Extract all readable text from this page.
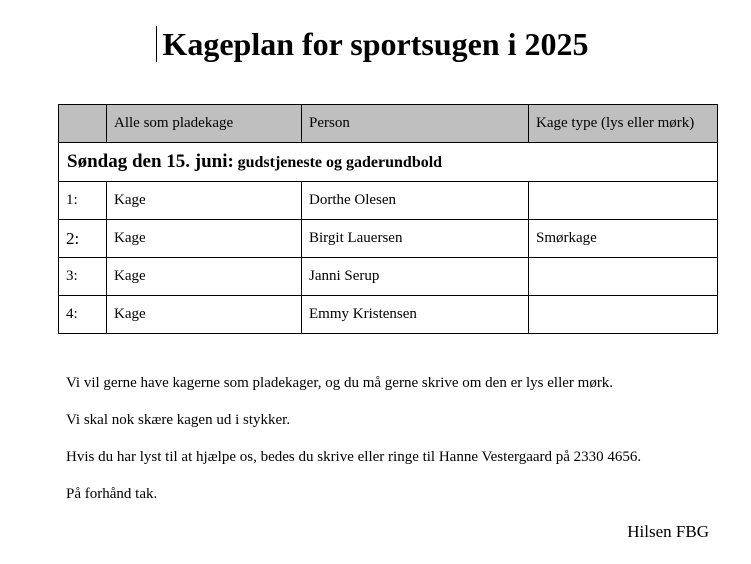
Kageplan for sportsugen i 2025
Søndag den 15. juni: gudstjeneste og gaderundbold			
	Alle som pladekage	Person	Kage type (lys eller mørk)
1:	Kage	Dorthe Olesen	
2:	Kage	Birgit Lauersen	Smørkage
3:	Kage	Janni Serup	
4:	Kage	Emmy Kristensen	

Vi vil gerne have kagerne som pladekager, og du må gerne skrive om den er lys eller mørk.

Vi skal nok skære kagen ud i stykker.

Hvis du har lyst til at hjælpe os, bedes du skrive eller ringe til Hanne Vestergaard på 2330 4656.

På forhånd tak.

Hilsen FBG
